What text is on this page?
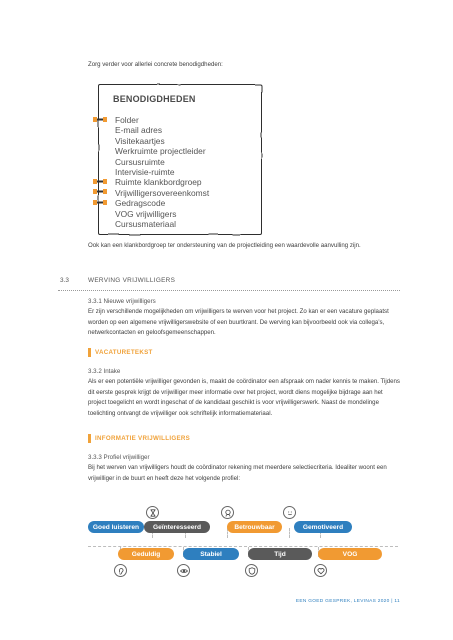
Zorg verder voor allerlei concrete benodigdheden:
BENODIGDHEDEN
Folder
E-mail adres
Visitekaartjes
Werkruimte projectleider
Cursusruimte
Intervisie-ruimte
Ruimte klankbordgroep
Vrijwilligersovereenkomst
Gedragscode
VOG vrijwilligers
Cursusmateriaal
Ook kan een klankbordgroep ter ondersteuning van de projectleiding een waardevolle aanvulling zijn.
3.3	WERVING VRIJWILLIGERS
3.3.1 Nieuwe vrijwilligers
Er zijn verschillende mogelijkheden om vrijwilligers te werven voor het project. Zo kan er een vacature geplaatst
worden op een algemene vrijwilligerswebsite of een buurtkrant. De werving kan bijvoorbeeld ook via collega’s,
netwerkcontacten en geloofsgemeenschappen.
VACATURETEKST
3.3.2 Intake
Als er een potentiële vrijwilliger gevonden is, maakt de coördinator een afspraak om nader kennis te maken. Tijdens
dit eerste gesprek krijgt de vrijwilliger meer informatie over het project, wordt diens mogelijke bijdrage aan het
project toegelicht en wordt ingeschat of de kandidaat geschikt is voor vrijwilligerswerk. Naast de mondelinge
toelichting ontvangt de vrijwilliger ook schriftelijk informatiemateriaal.
INFORMATIE VRIJWILLIGERS
3.3.3 Profiel vrijwilliger
Bij het werven van vrijwilligers houdt de coördinator rekening met meerdere selectiecriteria. Idealiter woont een
vrijwilliger in de buurt en heeft deze het volgende profiel:
Goed luisteren	Geïnteresseerd	Betrouwbaar	Gemotiveerd
Geduldig	Stabiel	Tijd	VOG
EEN GOED GESPREK, LEVINAS 2020 | 11
